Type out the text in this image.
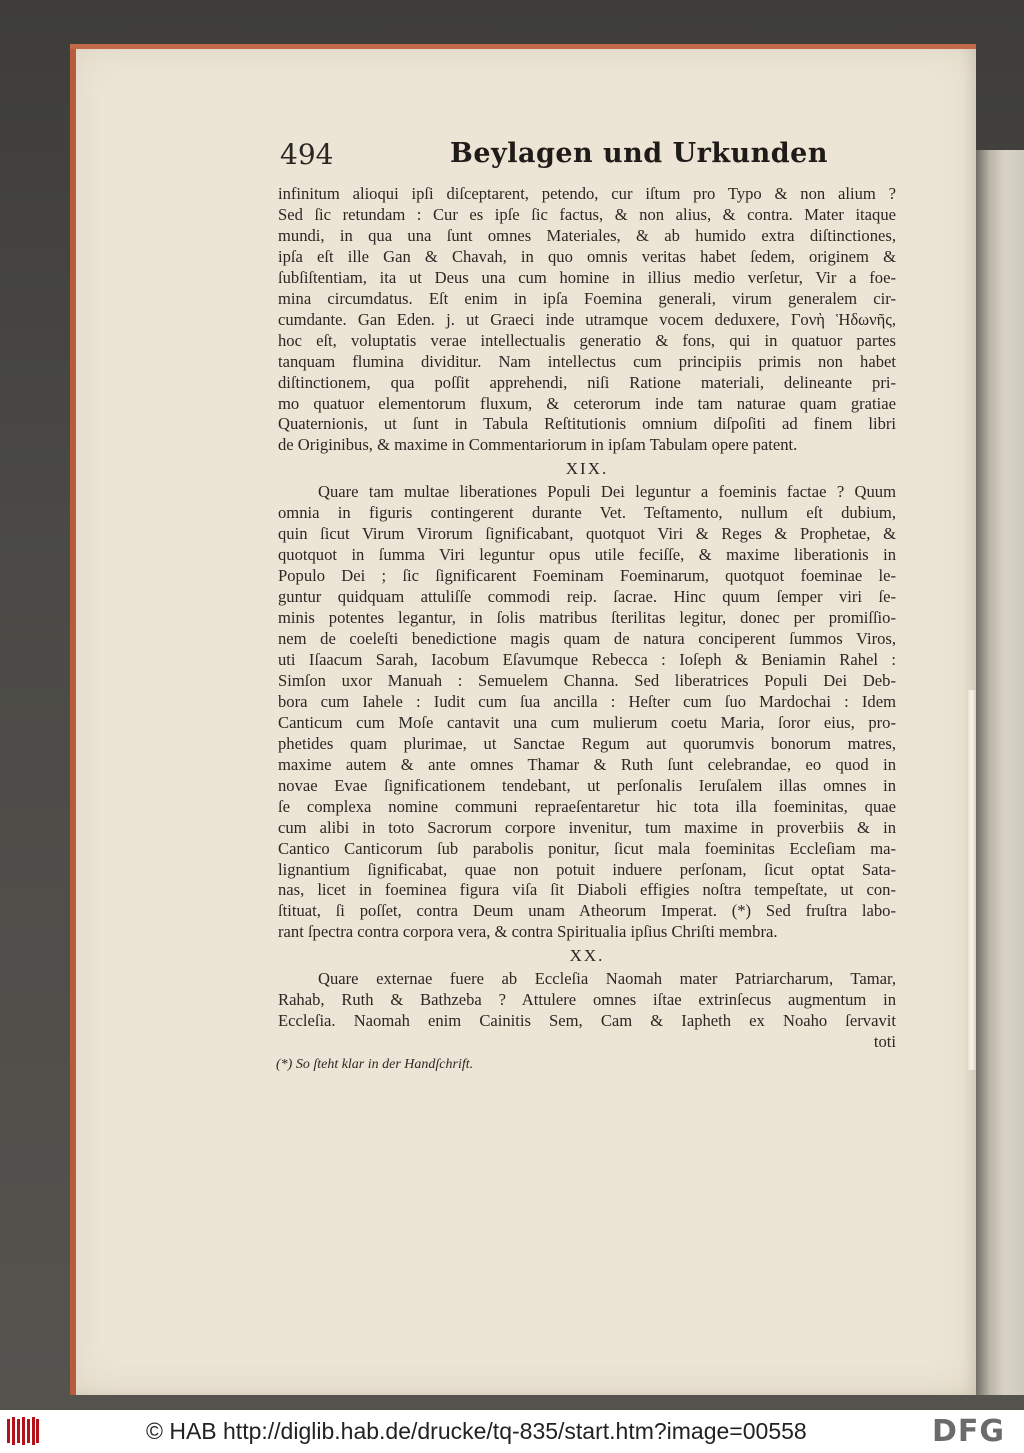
494	Beylagen und Urkunden
infinitum alioqui ipſi diſceptarent, petendo, cur iſtum pro Typo & non alium ?
Sed ſic retundam : Cur es ipſe ſic factus, & non alius, & contra. Mater itaque
mundi, in qua una ſunt omnes Materiales, & ab humido extra diſtinctiones,
ipſa eſt ille Gan & Chavah, in quo omnis veritas habet ſedem, originem &
ſubſiſtentiam, ita ut Deus una cum homine in illius medio verſetur, Vir a foe-
mina circumdatus. Eſt enim in ipſa Foemina generali, virum generalem cir-
cumdante. Gan Eden. j. ut Graeci inde utramque vocem deduxere, Γονὴ Ἡδωνῆς,
hoc eſt, voluptatis verae intellectualis generatio & fons, qui in quatuor partes
tanquam flumina dividitur. Nam intellectus cum principiis primis non habet
diſtinctionem, qua poſſit apprehendi, niſi Ratione materiali, delineante pri-
mo quatuor elementorum fluxum, & ceterorum inde tam naturae quam gratiae
Quaternionis, ut ſunt in Tabula Reſtitutionis omnium diſpoſiti ad finem libri
de Originibus, & maxime in Commentariorum in ipſam Tabulam opere patent.
XIX.
Quare tam multae liberationes Populi Dei leguntur a foeminis factae ? Quum
omnia in figuris contingerent durante Vet. Teſtamento, nullum eſt dubium,
quin ſicut Virum Virorum ſignificabant, quotquot Viri & Reges & Prophetae, &
quotquot in ſumma Viri leguntur opus utile feciſſe, & maxime liberationis in
Populo Dei ; ſic ſignificarent Foeminam Foeminarum, quotquot foeminae le-
guntur quidquam attuliſſe commodi reip. ſacrae. Hinc quum ſemper viri ſe-
minis potentes legantur, in ſolis matribus ſterilitas legitur, donec per promiſſio-
nem de coeleſti benedictione magis quam de natura conciperent ſummos Viros,
uti Iſaacum Sarah, Iacobum Eſavumque Rebecca : Ioſeph & Beniamin Rahel :
Simſon uxor Manuah : Semuelem Channa. Sed liberatrices Populi Dei Deb-
bora cum Iahele : Iudit cum ſua ancilla : Heſter cum ſuo Mardochai : Idem
Canticum cum Moſe cantavit una cum mulierum coetu Maria, ſoror eius, pro-
phetides quam plurimae, ut Sanctae Regum aut quorumvis bonorum matres,
maxime autem & ante omnes Thamar & Ruth ſunt celebrandae, eo quod in
novae Evae ſignificationem tendebant, ut perſonalis Ieruſalem illas omnes in
ſe complexa nomine communi repraeſentaretur hic tota illa foeminitas, quae
cum alibi in toto Sacrorum corpore invenitur, tum maxime in proverbiis & in
Cantico Canticorum ſub parabolis ponitur, ſicut mala foeminitas Eccleſiam ma-
lignantium ſignificabat, quae non potuit induere perſonam, ſicut optat Sata-
nas, licet in foeminea figura viſa ſit Diaboli effigies noſtra tempeſtate, ut con-
ſtituat, ſi poſſet, contra Deum unam Atheorum Imperat. (*) Sed fruſtra labo-
rant ſpectra contra corpora vera, & contra Spiritualia ipſius Chriſti membra.
XX.
Quare externae fuere ab Eccleſia Naomah mater Patriarcharum, Tamar,
Rahab, Ruth & Bathzeba ? Attulere omnes iſtae extrinſecus augmentum in
Eccleſia. Naomah enim Cainitis Sem, Cam & Iapheth ex Noaho ſervavit
toti
(*) So ſteht klar in der Handſchrift.
© HAB http://diglib.hab.de/drucke/tq-835/start.htm?image=00558	DFG
